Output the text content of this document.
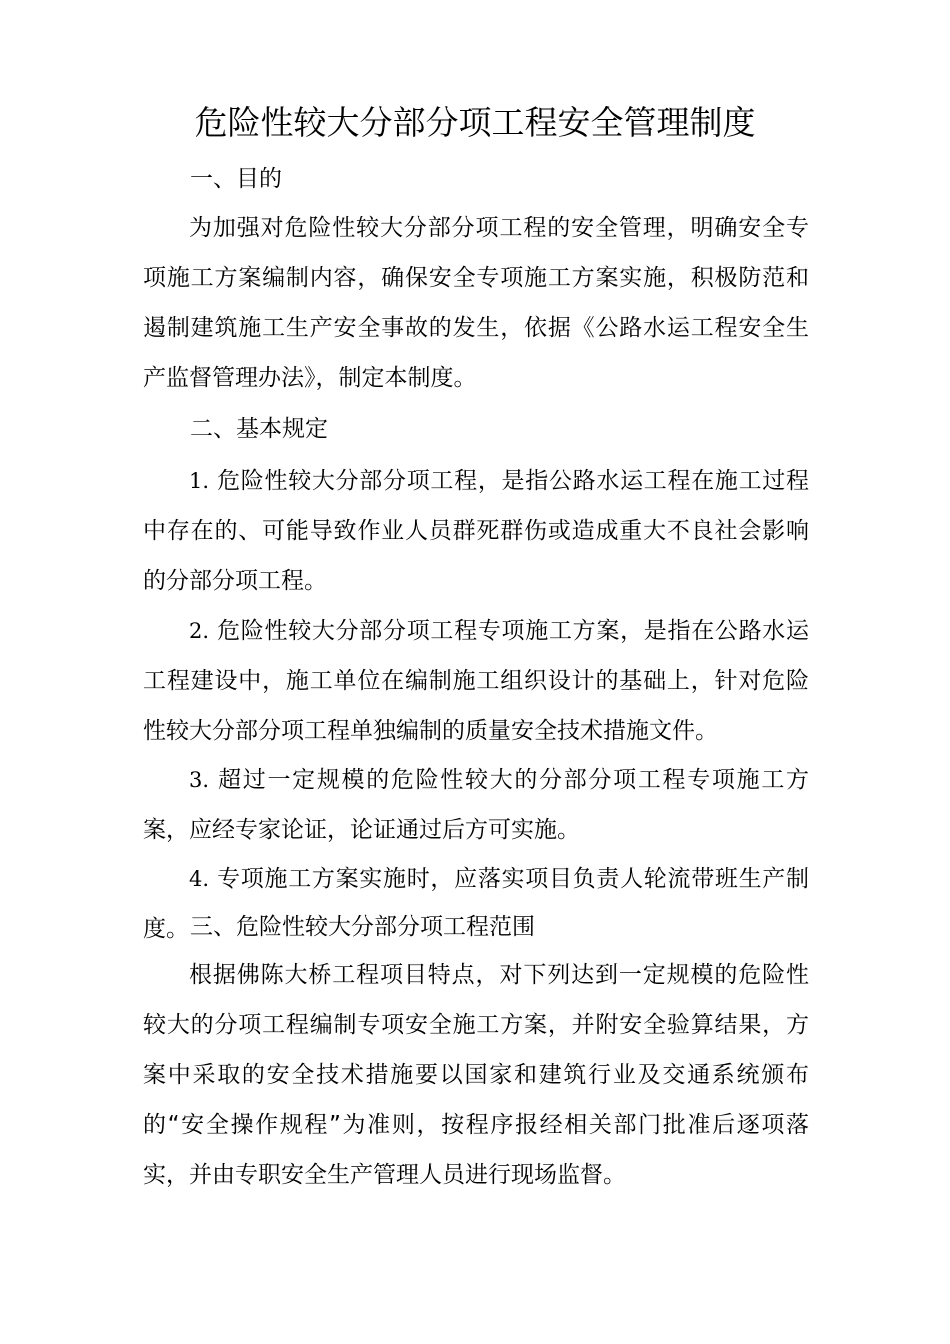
危险性较大分部分项工程安全管理制度
一、目的

为加强对危险性较大分部分项工程的安全管理，明确安全专项施工方案编制内容，确保安全专项施工方案实施，积极防范和遏制建筑施工生产安全事故的发生，依据《公路水运工程安全生产监督管理办法》，制定本制度。

二、基本规定

1. 危险性较大分部分项工程，是指公路水运工程在施工过程中存在的、可能导致作业人员群死群伤或造成重大不良社会影响的分部分项工程。

2. 危险性较大分部分项工程专项施工方案，是指在公路水运工程建设中，施工单位在编制施工组织设计的基础上，针对危险性较大分部分项工程单独编制的质量安全技术措施文件。

3. 超过一定规模的危险性较大的分部分项工程专项施工方案，应经专家论证，论证通过后方可实施。

4. 专项施工方案实施时，应落实项目负责人轮流带班生产制度。 三、危险性较大分部分项工程范围

根据佛陈大桥工程项目特点，对下列达到一定规模的危险性较大的分项工程编制专项安全施工方案，并附安全验算结果，方案中采取的安全技术措施要以国家和建筑行业及交通系统颁布的“安全操作规程”为准则，按程序报经相关部门批准后逐项落实，并由专职安全生产管理人员进行现场监督。
